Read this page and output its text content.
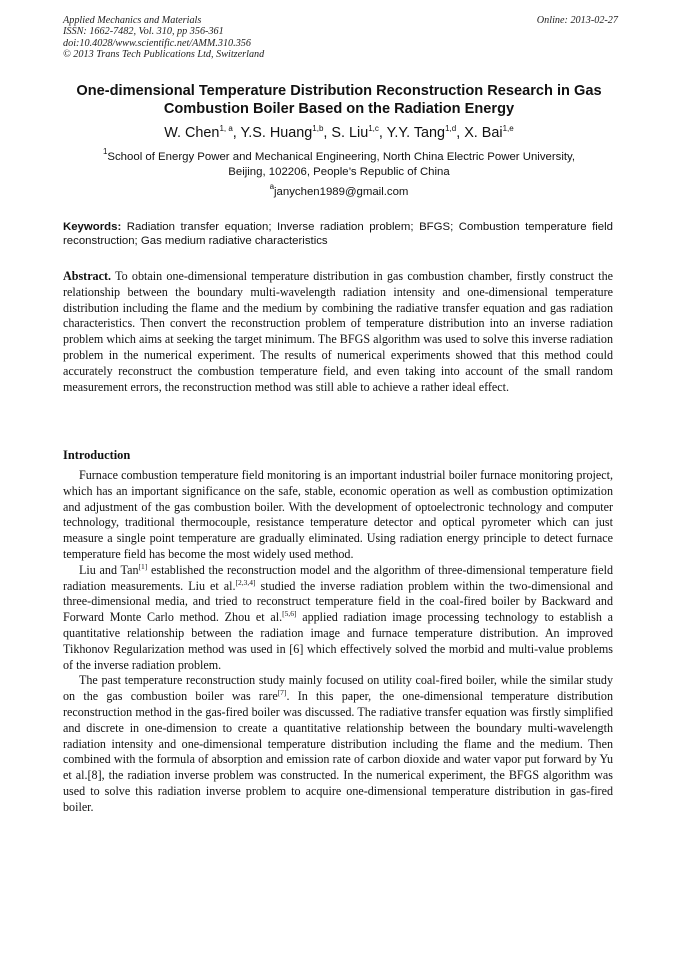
Applied Mechanics and Materials
ISSN: 1662-7482, Vol. 310, pp 356-361
doi:10.4028/www.scientific.net/AMM.310.356
© 2013 Trans Tech Publications Ltd, Switzerland
Online: 2013-02-27
One-dimensional Temperature Distribution Reconstruction Research in Gas Combustion Boiler Based on the Radiation Energy
W. Chen$^{1, a}$, Y.S. Huang$^{1,b}$, S. Liu$^{1,c}$, Y.Y. Tang$^{1,d}$, X. Bai$^{1,e}$
$^1$School of Energy Power and Mechanical Engineering, North China Electric Power University,
Beijing, 102206, People’s Republic of China
$^a$janychen1989@gmail.com
Keywords: Radiation transfer equation; Inverse radiation problem; BFGS; Combustion temperature field reconstruction; Gas medium radiative characteristics
Abstract. To obtain one-dimensional temperature distribution in gas combustion chamber, firstly construct the relationship between the boundary multi-wavelength radiation intensity and one-dimensional temperature distribution including the flame and the medium by combining the radiative transfer equation and gas radiation characteristics. Then convert the reconstruction problem of temperature distribution into an inverse radiation problem which aims at seeking the target minimum. The BFGS algorithm was used to solve this inverse radiation problem in the numerical experiment. The results of numerical experiments showed that this method could accurately reconstruct the combustion temperature field, and even taking into account of the small random measurement errors, the reconstruction method was still able to achieve a rather ideal effect.
Introduction

Furnace combustion temperature field monitoring is an important industrial boiler furnace monitoring project, which has an important significance on the safe, stable, economic operation as well as combustion optimization and adjustment of the gas combustion boiler. With the development of optoelectronic technology and computer technology, traditional thermocouple, resistance temperature detector and optical pyrometer which can just measure a single point temperature are gradually eliminated. Using radiation energy principle to detect furnace temperature field has become the most widely used method.

Liu and Tan[1] established the reconstruction model and the algorithm of three-dimensional temperature field radiation measurements. Liu et al.[2,3,4] studied the inverse radiation problem within the two-dimensional and three-dimensional media, and tried to reconstruct temperature field in the coal-fired boiler by Backward and Forward Monte Carlo method. Zhou et al.[5,6] applied radiation image processing technology to establish a quantitative relationship between the radiation image and furnace temperature distribution. An improved Tikhonov Regularization method was used in [6] which effectively solved the morbid and multi-value problems of the inverse radiation problem.

The past temperature reconstruction study mainly focused on utility coal-fired boiler, while the similar study on the gas combustion boiler was rare[7]. In this paper, the one-dimensional temperature distribution reconstruction method in the gas-fired boiler was discussed. The radiative transfer equation was firstly simplified and discrete in one-dimension to create a quantitative relationship between the boundary multi-wavelength radiation intensity and one-dimensional temperature distribution including the flame and the medium. Then combined with the formula of absorption and emission rate of carbon dioxide and water vapor put forward by Yu et al.[8], the radiation inverse problem was constructed. In the numerical experiment, the BFGS algorithm was used to solve this radiation inverse problem to acquire one-dimensional temperature distribution in gas-fired boiler.
